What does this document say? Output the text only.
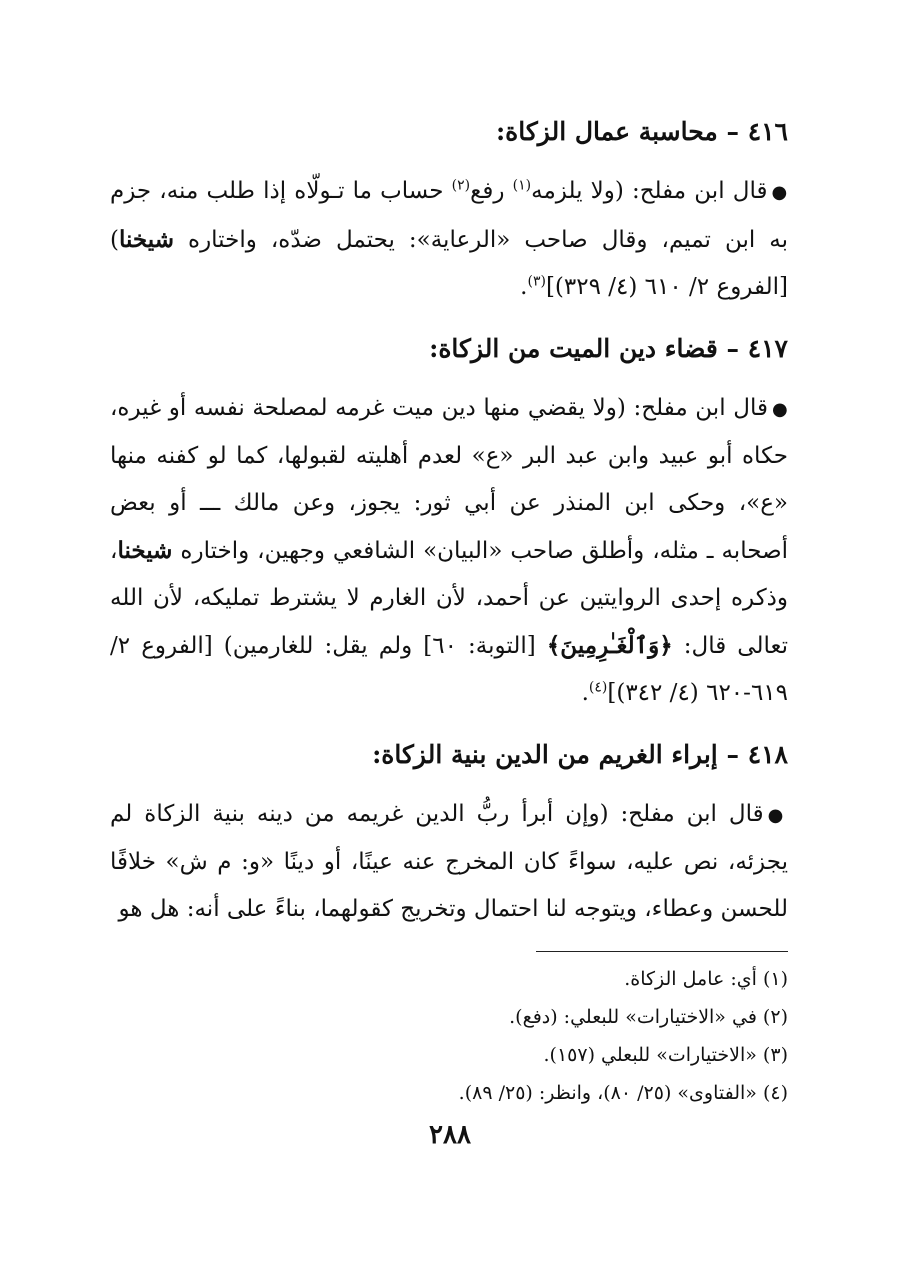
٤١٦ – محاسبة عمال الزكاة:

●قال ابن مفلح: (ولا يلزمه$^{(١)}$ رفع$^{(٢)}$ حساب ما تـولّاه إذا طلب منه، جزم به ابن تميم، وقال صاحب «الرعاية»: يحتمل ضدّه، واختاره شيخنا) [الفروع ٢/ ٦١٠ (٤/ ٣٢٩)]$^{(٣)}$.

٤١٧ – قضاء دين الميت من الزكاة:

●قال ابن مفلح: (ولا يقضي منها دين ميت غرمه لمصلحة نفسه أو غيره، حكاه أبو عبيد وابن عبد البر «ع» لعدم أهليته لقبولها، كما لو كفنه منها «ع»، وحكى ابن المنذر عن أبي ثور: يجوز، وعن مالك ـــ أو بعض أصحابه ـ مثله، وأطلق صاحب «البيان» الشافعي وجهين، واختاره شيخنا، وذكره إحدى الروايتين عن أحمد، لأن الغارم لا يشترط تمليكه، لأن الله تعالى قال: ﴿وَٱلْغَـٰرِمِينَ﴾ [التوبة: ٦٠] ولم يقل: للغارمين) [الفروع ٢/ ٦١٩-٦٢٠ (٤/ ٣٤٢)]$^{(٤)}$.

٤١٨ – إبراء الغريم من الدين بنية الزكاة:

●قال ابن مفلح: (وإن أبرأ ربُّ الدين غريمه من دينه بنية الزكاة لم يجزئه، نص عليه، سواءً كان المخرج عنه عينًا، أو دينًا «و: م ش» خلافًا للحسن وعطاء، ويتوجه لنا احتمال وتخريج كقولهما، بناءً على أنه: هل هو

(١) أي: عامل الزكاة.

(٢) في «الاختيارات» للبعلي: (دفع).

(٣) «الاختيارات» للبعلي (١٥٧).

(٤) «الفتاوى» (٢٥/ ٨٠)، وانظر: (٢٥/ ٨٩).

٢٨٨
